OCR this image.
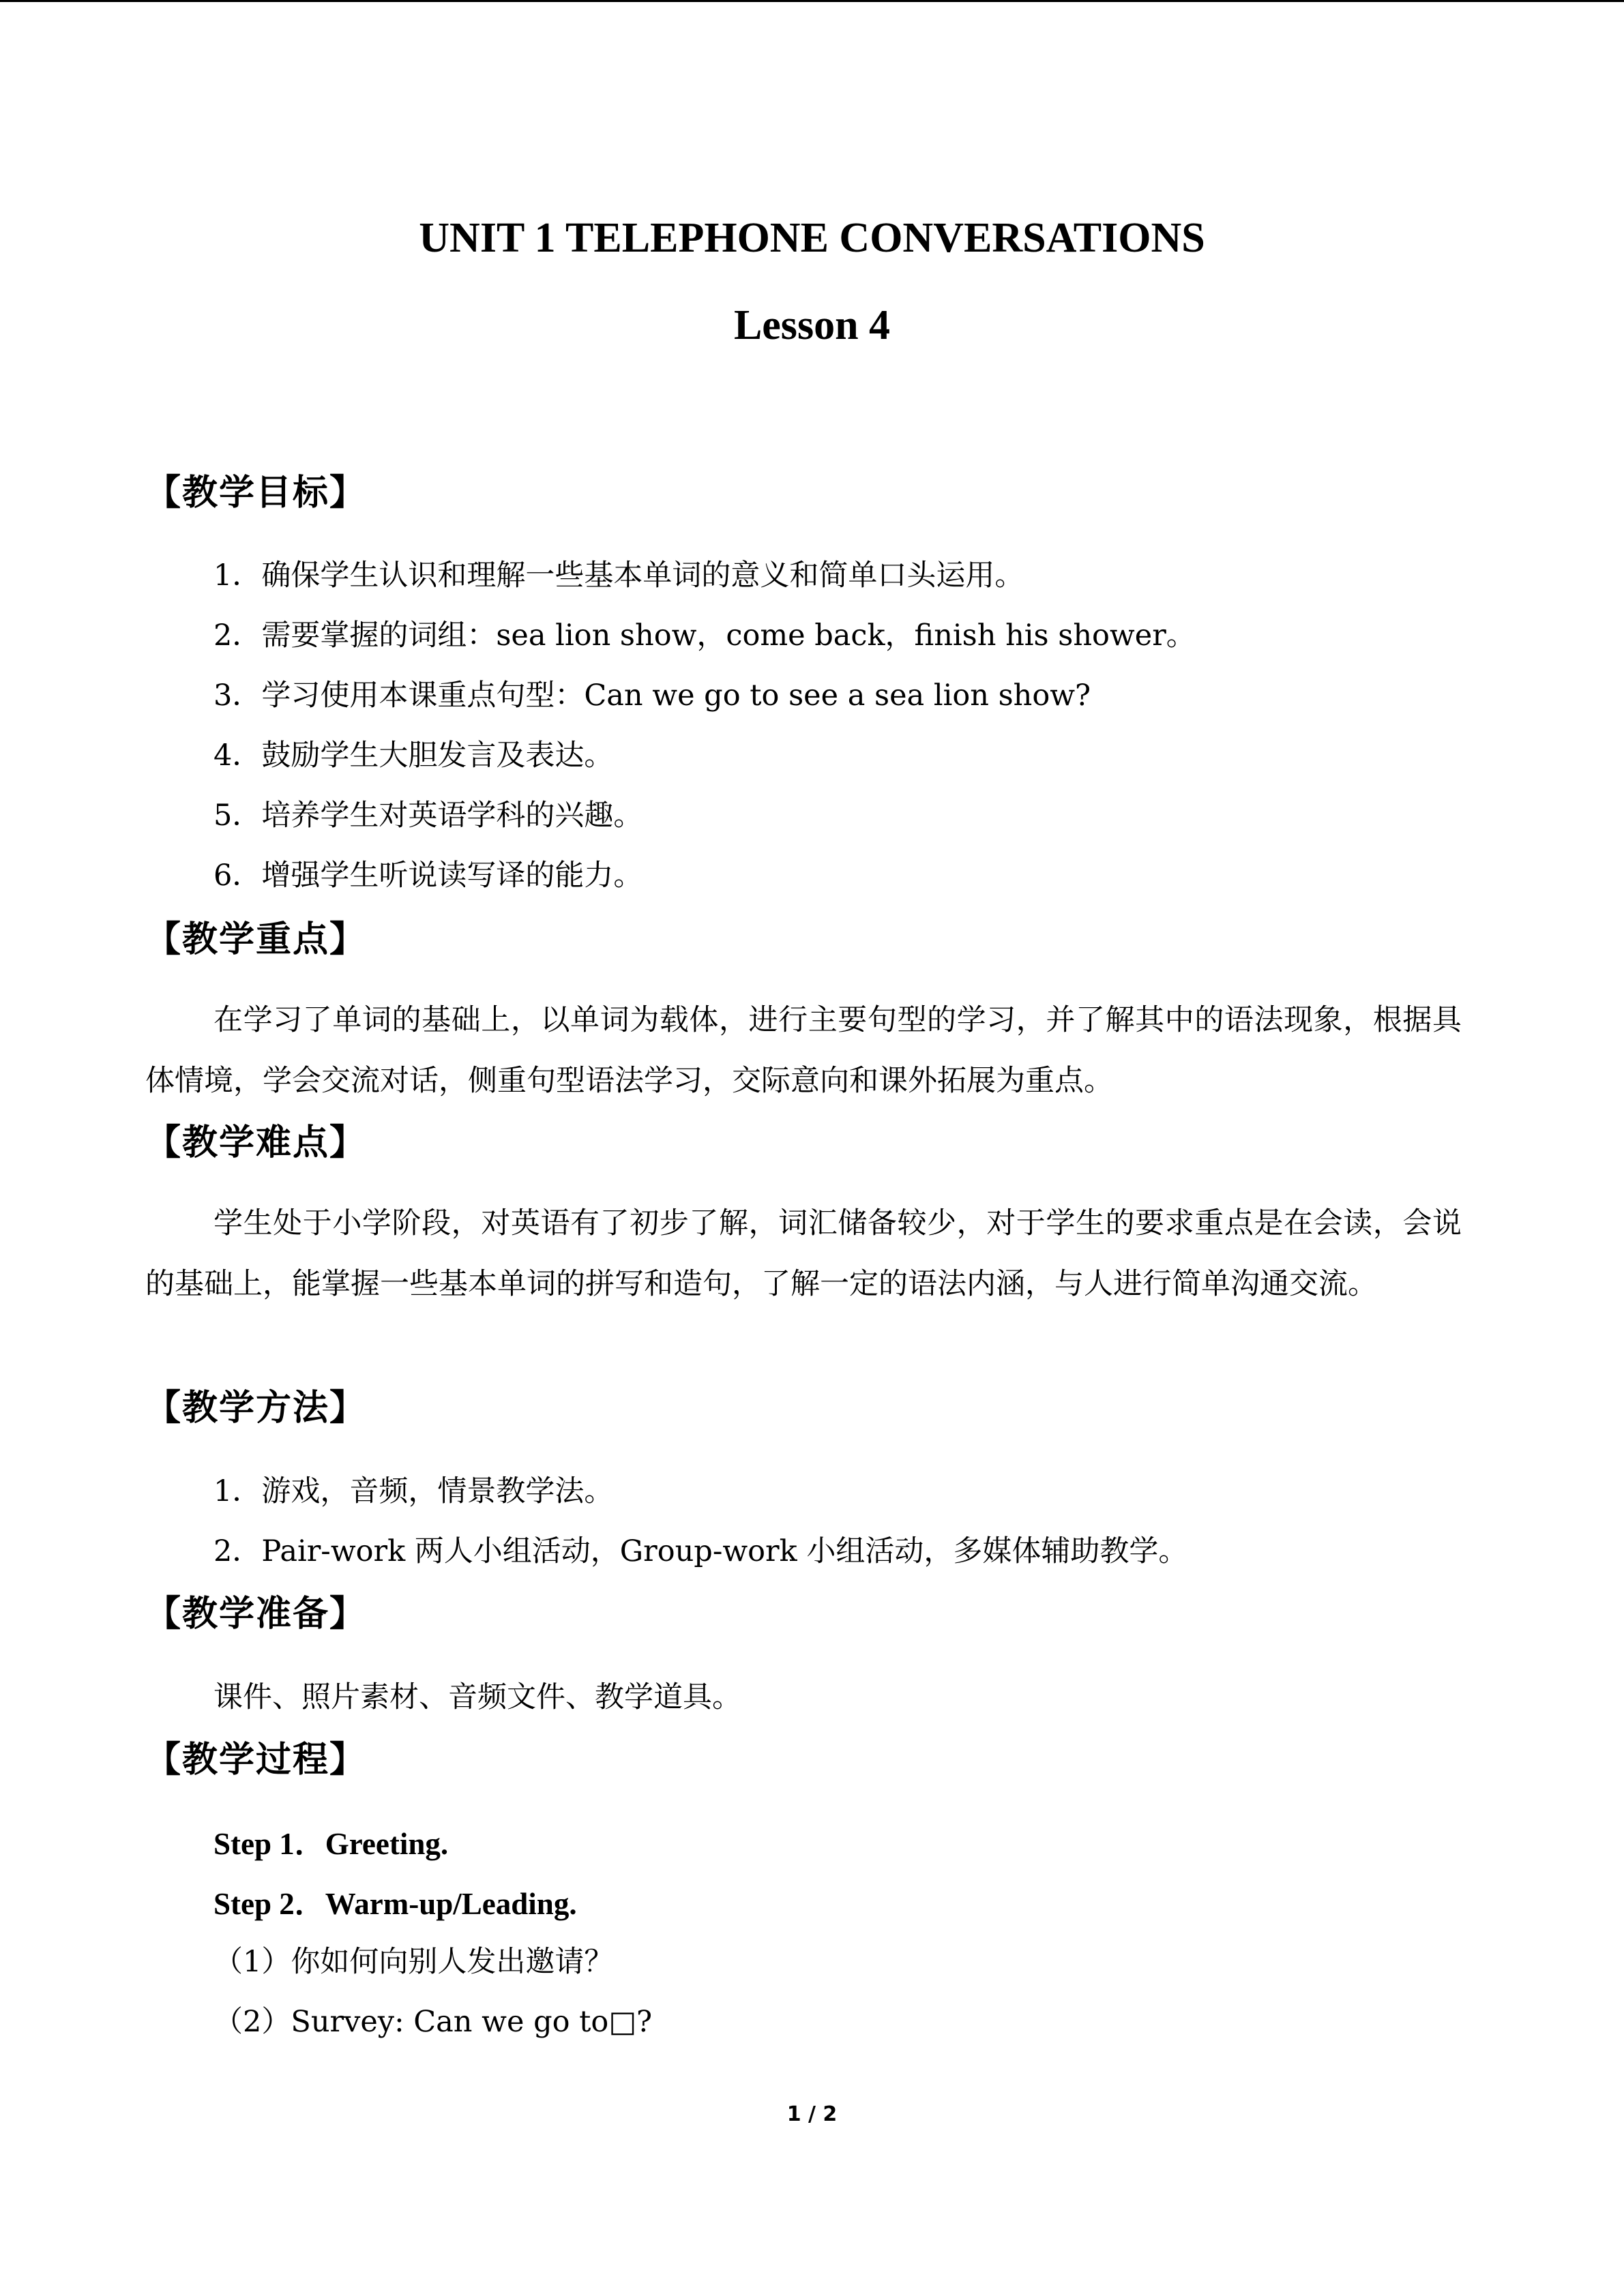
UNIT 1 TELEPHONE CONVERSATIONS
Lesson 4
【教学目标】
1．确保学生认识和理解一些基本单词的意义和简单口头运用。
2．需要掌握的词组：sea lion show，come back，finish his shower。
3．学习使用本课重点句型：Can we go to see a sea lion show?
4．鼓励学生大胆发言及表达。
5．培养学生对英语学科的兴趣。
6．增强学生听说读写译的能力。
【教学重点】
在学习了单词的基础上，以单词为载体，进行主要句型的学习，并了解其中的语法现象，根据具体情境，学会交流对话，侧重句型语法学习，交际意向和课外拓展为重点。
【教学难点】
学生处于小学阶段，对英语有了初步了解，词汇储备较少，对于学生的要求重点是在会读，会说的基础上，能掌握一些基本单词的拼写和造句，了解一定的语法内涵，与人进行简单沟通交流。
【教学方法】
1．游戏，音频，情景教学法。
2．Pair-work 两人小组活动，Group-work 小组活动，多媒体辅助教学。
【教学准备】
课件、照片素材、音频文件、教学道具。
【教学过程】
Step 1．Greeting.
Step 2．Warm-up/Leading.
（1）你如何向别人发出邀请？
（2）Survey: Can we go to□?
1 / 2
